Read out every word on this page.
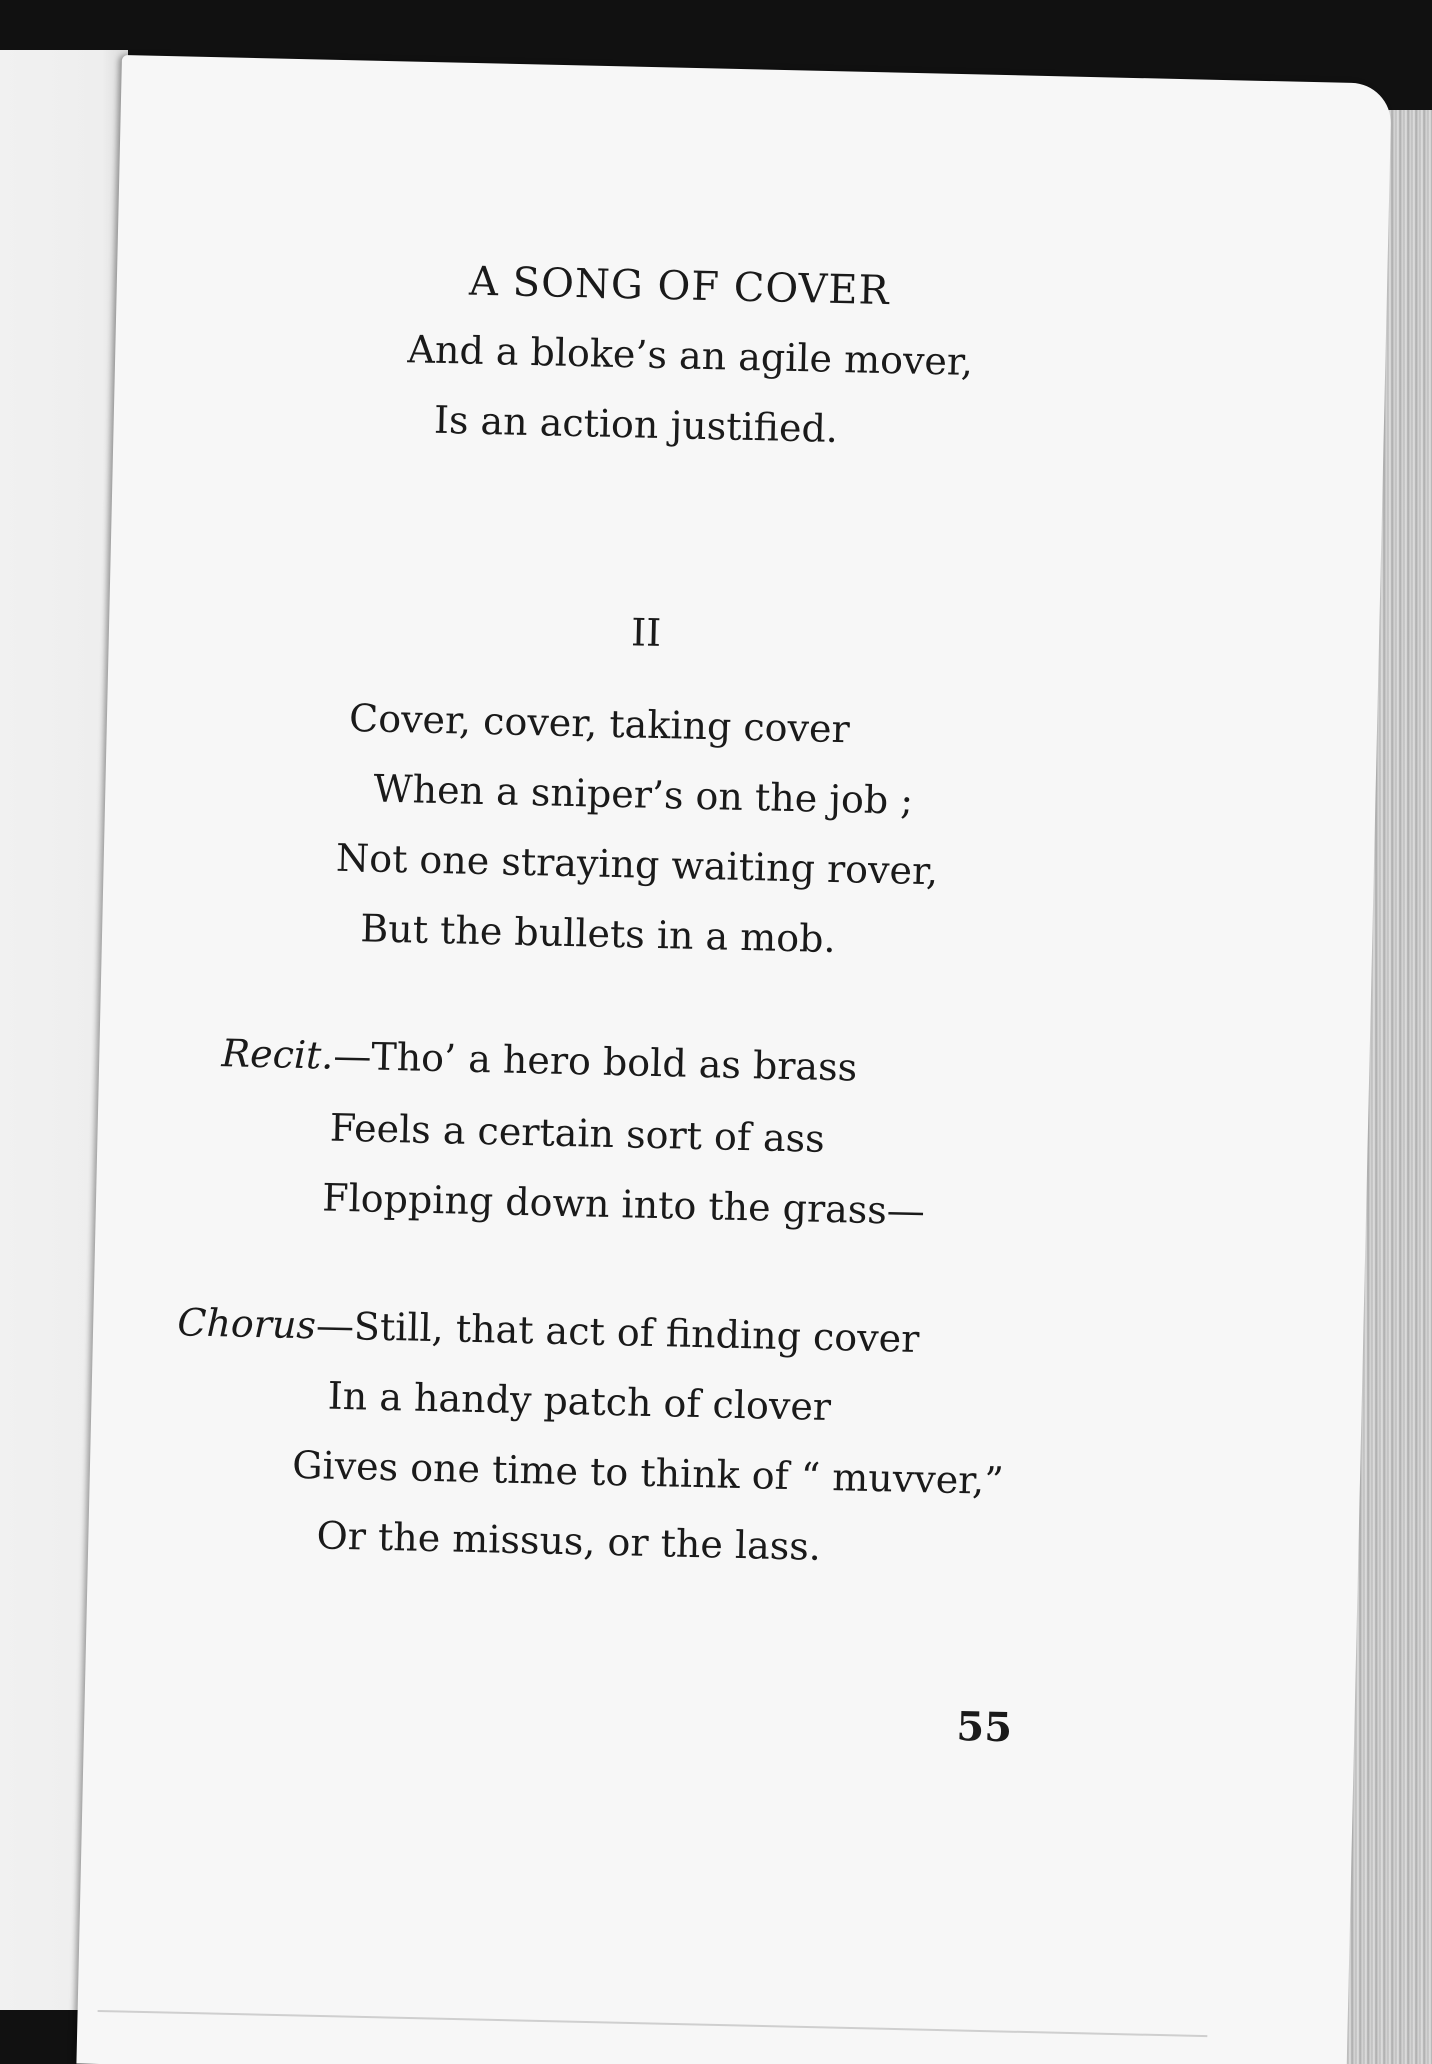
A SONG OF COVER
And a bloke’s an agile mover,
Is an action justified.
II
Cover, cover, taking cover
When a sniper’s on the job ;
Not one straying waiting rover,
But the bullets in a mob.
Recit.—Tho’ a hero bold as brass
Feels a certain sort of ass
Flopping down into the grass—
Chorus—Still, that act of finding cover
In a handy patch of clover
Gives one time to think of “ muvver,”
Or the missus, or the lass.
55
